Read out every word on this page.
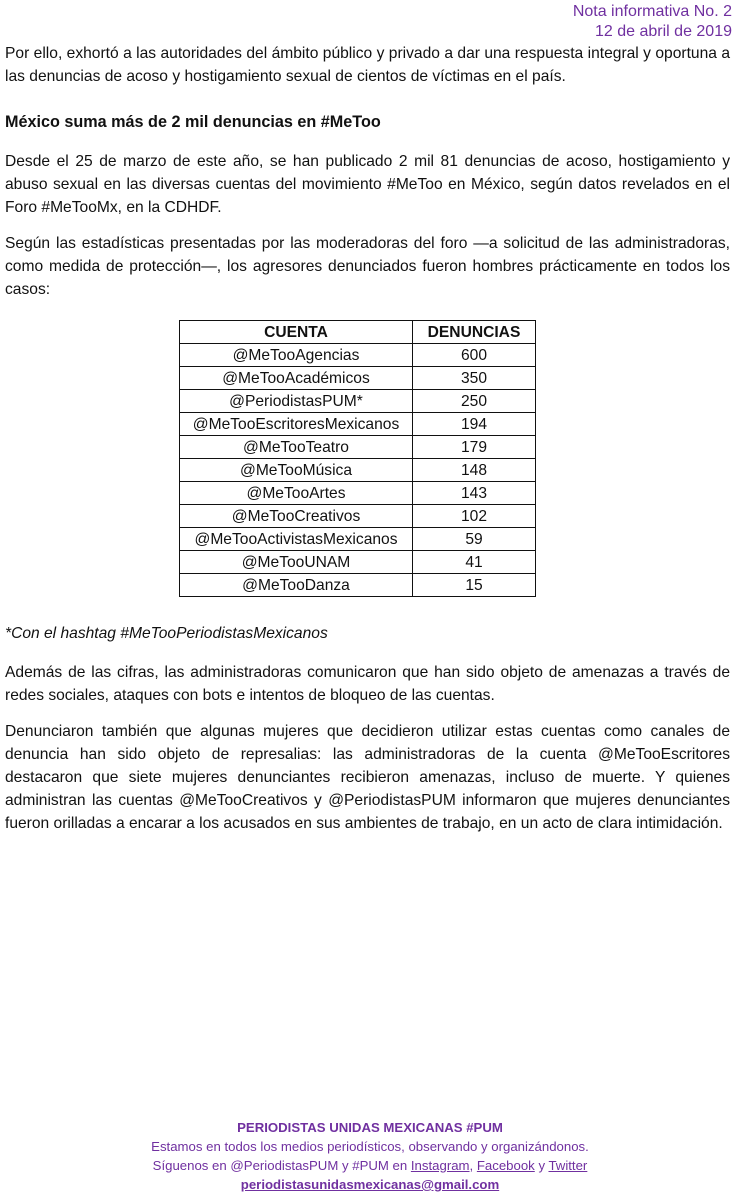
Nota informativa No. 2
12 de abril de 2019

Por ello, exhortó a las autoridades del ámbito público y privado a dar una respuesta integral y oportuna a las denuncias de acoso y hostigamiento sexual de cientos de víctimas en el país.

México suma más de 2 mil denuncias en #MeToo

Desde el 25 de marzo de este año, se han publicado 2 mil 81 denuncias de acoso, hostigamiento y abuso sexual en las diversas cuentas del movimiento #MeToo en México, según datos revelados en el Foro #MeTooMx, en la CDHDF.

Según las estadísticas presentadas por las moderadoras del foro —a solicitud de las administradoras, como medida de protección—, los agresores denunciados fueron hombres prácticamente en todos los casos:

CUENTA	DENUNCIAS
@MeTooAgencias	600
@MeTooAcadémicos	350
@PeriodistasPUM*	250
@MeTooEscritoresMexicanos	194
@MeTooTeatro	179
@MeTooMúsica	148
@MeTooArtes	143
@MeTooCreativos	102
@MeTooActivistasMexicanos	59
@MeTooUNAM	41
@MeTooDanza	15

*Con el hashtag #MeTooPeriodistasMexicanos

Además de las cifras, las administradoras comunicaron que han sido objeto de amenazas a través de redes sociales, ataques con bots e intentos de bloqueo de las cuentas.

Denunciaron también que algunas mujeres que decidieron utilizar estas cuentas como canales de denuncia han sido objeto de represalias: las administradoras de la cuenta @MeTooEscritores destacaron que siete mujeres denunciantes recibieron amenazas, incluso de muerte. Y quienes administran las cuentas @MeTooCreativos y @PeriodistasPUM informaron que mujeres denunciantes fueron orilladas a encarar a los acusados en sus ambientes de trabajo, en un acto de clara intimidación.

PERIODISTAS UNIDAS MEXICANAS #PUM
Estamos en todos los medios periodísticos, observando y organizándonos.
Síguenos en @PeriodistasPUM y #PUM en Instagram, Facebook y Twitter
periodistasunidasmexicanas@gmail.com
